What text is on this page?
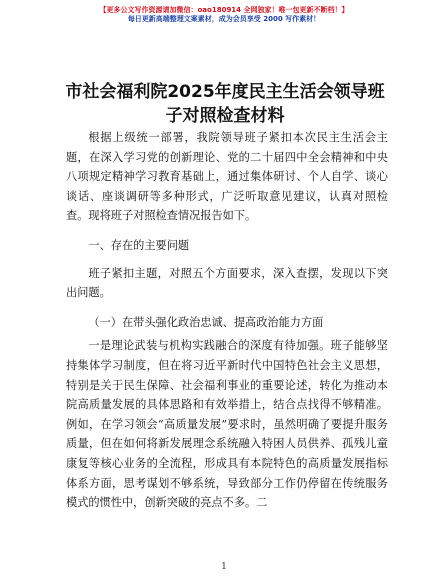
【更多公文写作资源请加微信：oao180914 全网独家！唯一包更新不断档！】
每日更新高端整理文案素材，成为会员享受 2000 写作素材！
市社会福利院2025年度民主生活会领导班子对照检查材料

根据上级统一部署，我院领导班子紧扣本次民主生活会主题，在深入学习党的创新理论、党的二十届四中全会精神和中央八项规定精神学习教育基础上，通过集体研讨、个人自学、谈心谈话、座谈调研等多种形式，广泛听取意见建议，认真对照检查。现将班子对照检查情况报告如下。

一、存在的主要问题

班子紧扣主题，对照五个方面要求，深入查摆，发现以下突出问题。

（一）在带头强化政治忠诚、提高政治能力方面

一是理论武装与机构实践融合的深度有待加强。班子能够坚持集体学习制度，但在将习近平新时代中国特色社会主义思想，特别是关于民生保障、社会福利事业的重要论述，转化为推动本院高质量发展的具体思路和有效举措上，结合点找得不够精准。例如，在学习领会“高质量发展”要求时，虽然明确了要提升服务质量，但在如何将新发展理念系统融入特困人员供养、孤残儿童康复等核心业务的全流程，形成具有本院特色的高质量发展指标体系方面，思考谋划不够系统，导致部分工作仍停留在传统服务模式的惯性中，创新突破的亮点不多。二

1
